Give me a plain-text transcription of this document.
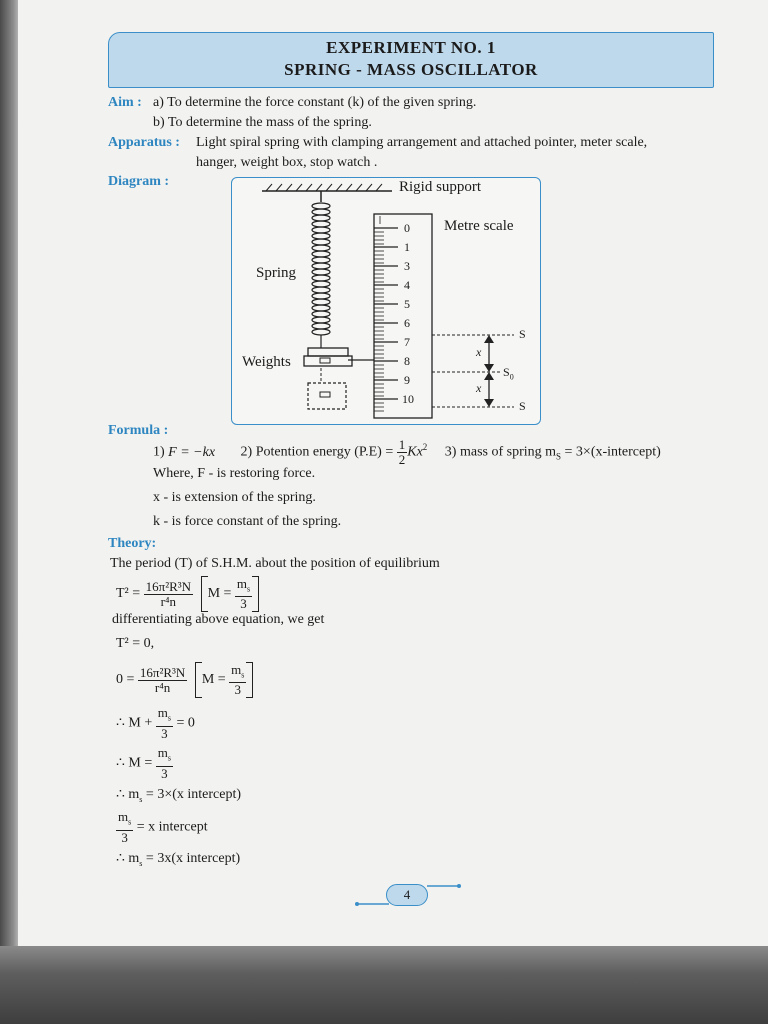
EXPERIMENT NO. 1
SPRING - MASS OSCILLATOR
Aim : a) To determine the force constant (k) of the given spring.
b) To determine the mass of the spring.
Apparatus : Light spiral spring with clamping arrangement and attached pointer, meter scale,
hanger, weight box, stop watch .
Diagram :	Rigid support
Metre scale
Spring
Weights
0
1
3
4
5
6
7
8
9
10
S
S
$S_0$
x
x
Formula :
1) F = −kx 2) Potention energy $(P.E) = \frac{1}{2} Kx^2$ 3) mass of spring $m_S$ = 3×(x-intercept)
Where, F - is restoring force.
x - is extension of the spring.
k - is force constant of the spring.
Theory:
The period (T) of S.H.M. about the position of equilibrium
$T^2 = \frac{\text{16π²R³N}}{\text{r⁴n}}$ $M = \frac{m_s}{3}$
differentiating above equation, we get
T² = 0,
$0 = \frac{\text{16π²R³N}}{\text{r⁴n}}$ $M = \frac{m_s}{3}$
∴ $M + \frac{m_s}{3} = 0$
∴ $M = \frac{m_s}{3}$
∴ $m_s = 3\times(x$ intercept)
$\frac{m_s}{3} = x$ intercept
∴ $m_s = 3x(x$ intercept)
4
